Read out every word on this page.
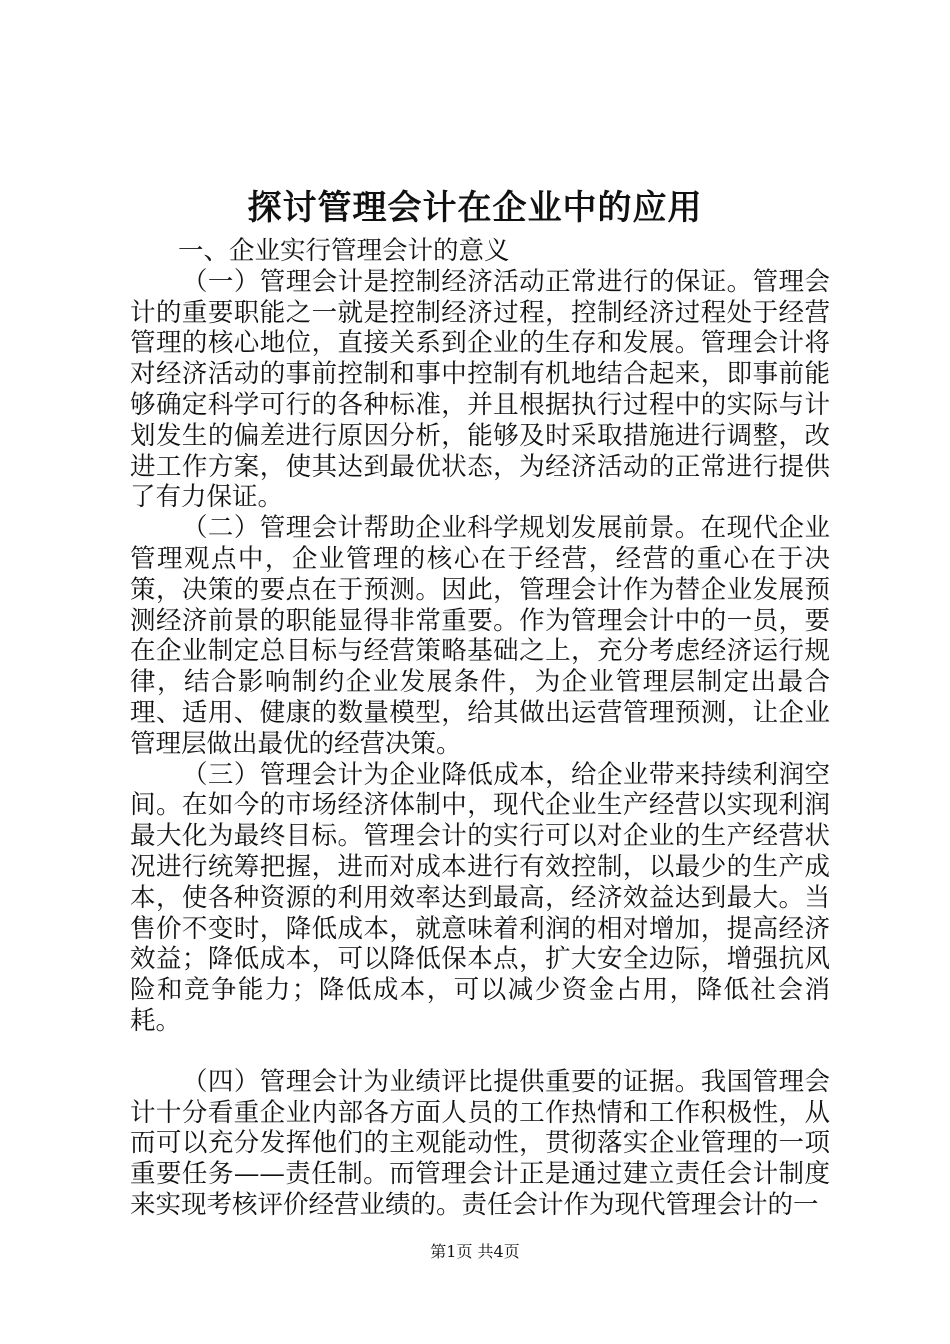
探讨管理会计在企业中的应用
一、企业实行管理会计的意义

（一）管理会计是控制经济活动正常进行的保证。管理会计的重要职能之一就是控制经济过程，控制经济过程处于经营管理的核心地位，直接关系到企业的生存和发展。管理会计将对经济活动的事前控制和事中控制有机地结合起来，即事前能够确定科学可行的各种标准，并且根据执行过程中的实际与计划发生的偏差进行原因分析，能够及时采取措施进行调整，改进工作方案，使其达到最优状态，为经济活动的正常进行提供了有力保证。

（二）管理会计帮助企业科学规划发展前景。在现代企业管理观点中，企业管理的核心在于经营，经营的重心在于决策，决策的要点在于预测。因此，管理会计作为替企业发展预测经济前景的职能显得非常重要。作为管理会计中的一员，要在企业制定总目标与经营策略基础之上，充分考虑经济运行规律，结合影响制约企业发展条件，为企业管理层制定出最合理、适用、健康的数量模型，给其做出运营管理预测，让企业管理层做出最优的经营决策。

（三）管理会计为企业降低成本，给企业带来持续利润空间。在如今的市场经济体制中，现代企业生产经营以实现利润最大化为最终目标。管理会计的实行可以对企业的生产经营状况进行统筹把握，进而对成本进行有效控制，以最少的生产成本，使各种资源的利用效率达到最高，经济效益达到最大。当售价不变时，降低成本，就意味着利润的相对增加，提高经济效益；降低成本，可以降低保本点，扩大安全边际，增强抗风险和竞争能力；降低成本，可以减少资金占用，降低社会消耗。

（四）管理会计为业绩评比提供重要的证据。我国管理会计十分看重企业内部各方面人员的工作热情和工作积极性，从而可以充分发挥他们的主观能动性，贯彻落实企业管理的一项重要任务——责任制。而管理会计正是通过建立责任会计制度来实现考核评价经营业绩的。责任会计作为现代管理会计的一

第1页 共4页
